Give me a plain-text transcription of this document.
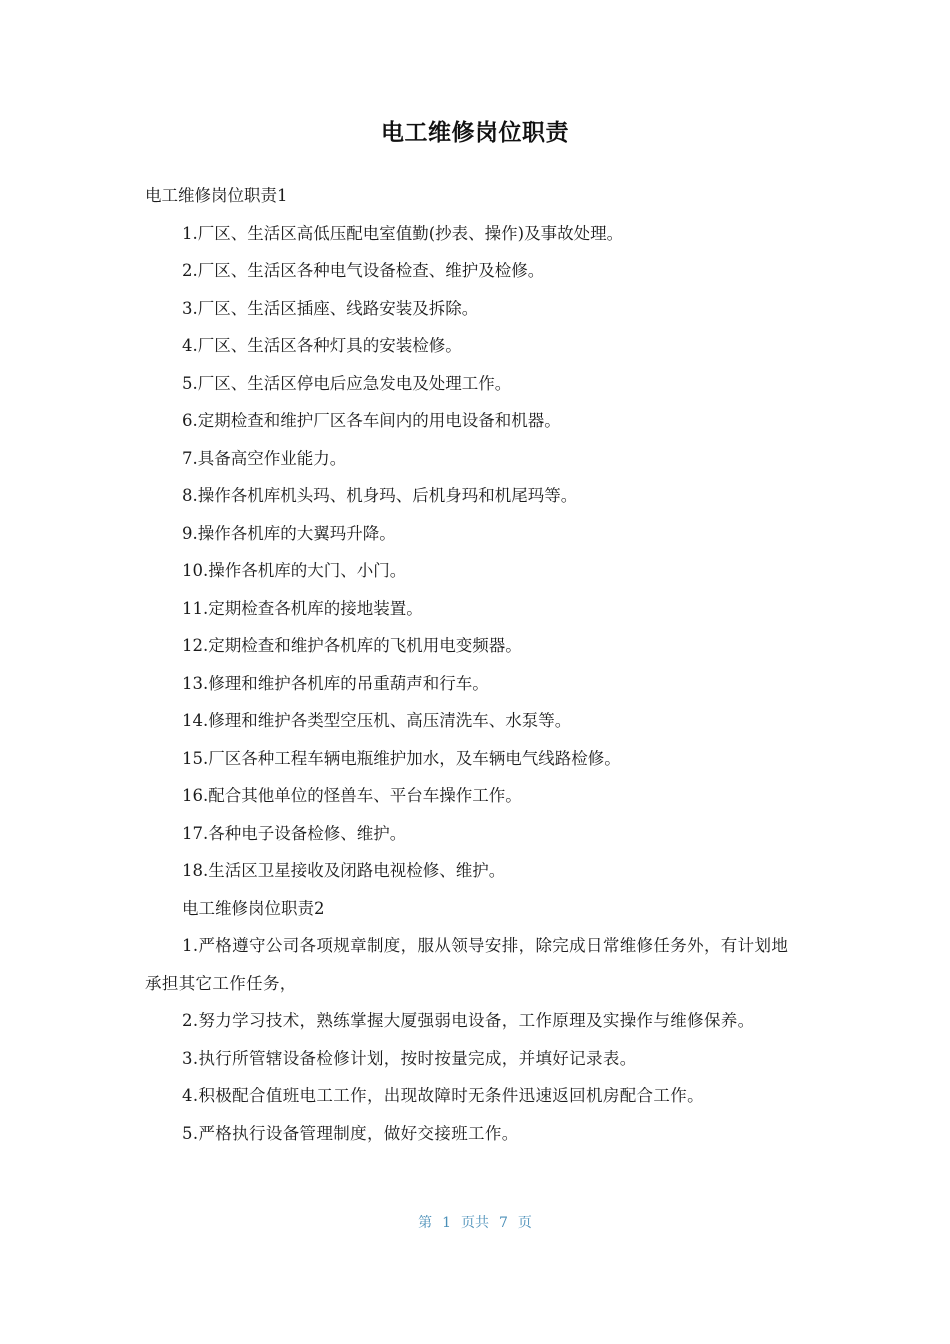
电工维修岗位职责

电工维修岗位职责1

1.厂区、生活区高低压配电室值勤(抄表、操作)及事故处理。

2.厂区、生活区各种电气设备检查、维护及检修。

3.厂区、生活区插座、线路安装及拆除。

4.厂区、生活区各种灯具的安装检修。

5.厂区、生活区停电后应急发电及处理工作。

6.定期检查和维护厂区各车间内的用电设备和机器。

7.具备高空作业能力。

8.操作各机库机头玛、机身玛、后机身玛和机尾玛等。

9.操作各机库的大翼玛升降。

10.操作各机库的大门、小门。

11.定期检查各机库的接地装置。

12.定期检查和维护各机库的飞机用电变频器。

13.修理和维护各机库的吊重葫声和行车。

14.修理和维护各类型空压机、高压清洗车、水泵等。

15.厂区各种工程车辆电瓶维护加水，及车辆电气线路检修。

16.配合其他单位的怪兽车、平台车操作工作。

17.各种电子设备检修、维护。

18.生活区卫星接收及闭路电视检修、维护。

电工维修岗位职责2

1.严格遵守公司各项规章制度，服从领导安排，除完成日常维修任务外，有计划地承担其它工作任务，

2.努力学习技术，熟练掌握大厦强弱电设备，工作原理及实操作与维修保养。

3.执行所管辖设备检修计划，按时按量完成，并填好记录表。

4.积极配合值班电工工作，出现故障时无条件迅速返回机房配合工作。

5.严格执行设备管理制度，做好交接班工作。

第 1 页共 7 页
